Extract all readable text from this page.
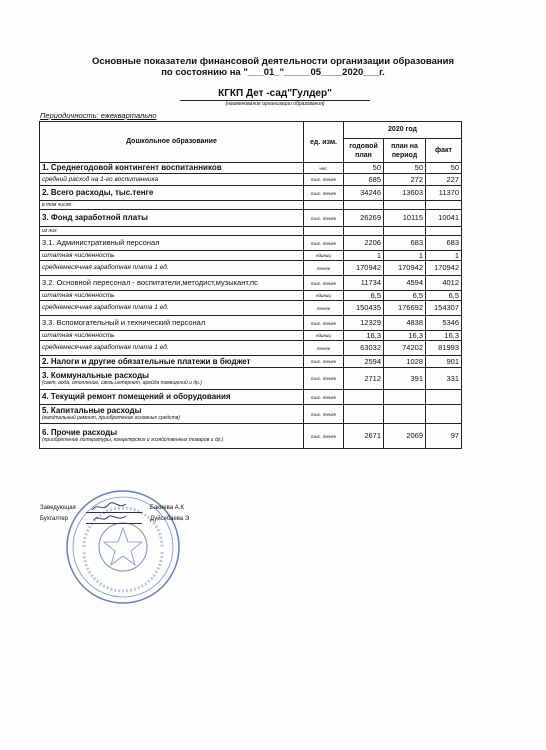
Основные показатели финансовой деятельности организации образования
по состоянию на "___01_"_____05____2020___г.
КГКП Дет -сад"Гулдер"
(наименование организации образования)
Периодичность: ежеквартально
Дошкольное образование	ед. изм.	2020 год		
		годовой план	план на период	факт
1. Среднегодовой контингент воспитанников	чел.	50	50	50
средний расход на 1-го воспитанника	тыс. тенге	685	272	227
2. Всего расходы, тыс.тенге	тыс. тенге	34246	13603	11370
в том числе:				
3. Фонд заработной платы	тыс. тенге	26269	10115	10041
из них:				
3.1. Административный персонал	тыс. тенге	2206	683	683
штатная численность	единиц	1	1	1
среднемесячная заработная плата 1 ед.	тенге	170942	170942	170942
3.2. Основной пересонал - воспитатели,методист,музыкант,пс	тыс. тенге	11734	4594	4012
штатная численность	единиц	6,5	6,5	6,5
среднемесячная заработная плата 1 ед.	тенге	150435	176692	154307
3.3. Вспомогательный и технический персонал	тыс. тенге	12329	4838	5346
штатная численность	единиц	16,3	16,3	16,3
среднемесячная заработная плата 1 ед.	тенге	63032	74202	81993
2. Налоги и другие обязательные платежи в бюджет	тыс. тенге	2594	1028	901
3. Коммунальные расходы
(свет, вода, отопление, связь,интернет, арейда помещений и др.)	тыс. тенге	2712	391	331
4. Текущий ремонт помещений и оборудования	тыс. тенге			
5. Капитальные расходы
(капитальный ремонт, приобретение основных средств)	тыс. тенге			
6. Прочие расходы
(приобретение литературы, канцелярских и хозяйственных товаров и др.)	тыс. тенге	2671	2069	97
Заведующая	Бакиева А.К
Бухгалтер	Дуйсебаева Э
